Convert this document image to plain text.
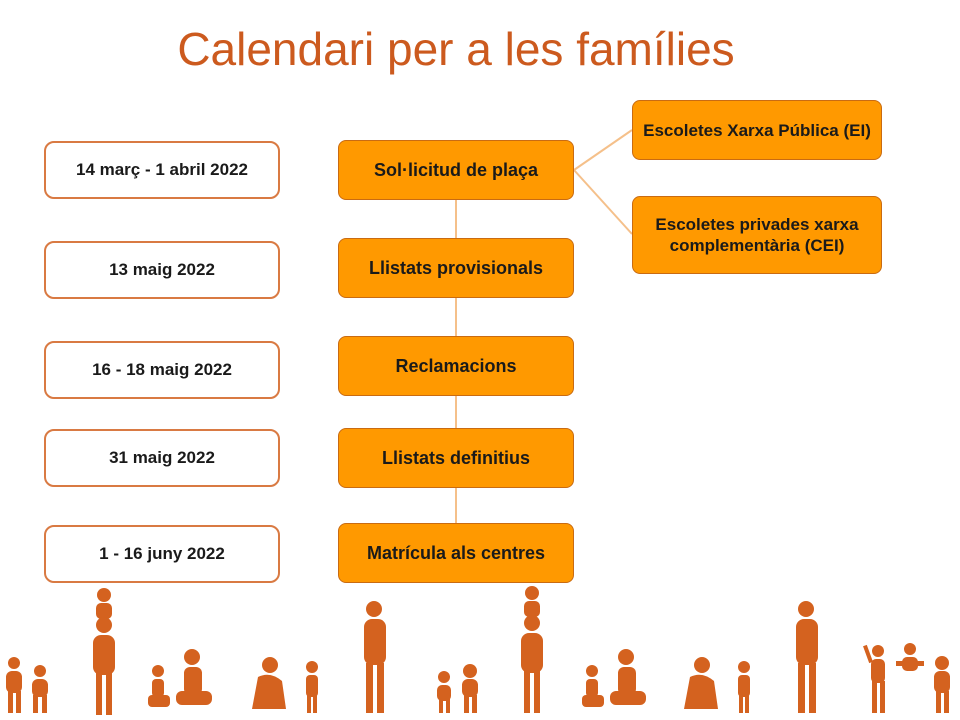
Calendari per a les famílies
14 març - 1 abril 2022
13 maig 2022
16 - 18 maig 2022
31 maig 2022
1 - 16 juny 2022
Sol·licitud de plaça
Llistats provisionals
Reclamacions
Llistats definitius
Matrícula als centres
Escoletes Xarxa Pública (EI)
Escoletes privades xarxa complementària (CEI)
